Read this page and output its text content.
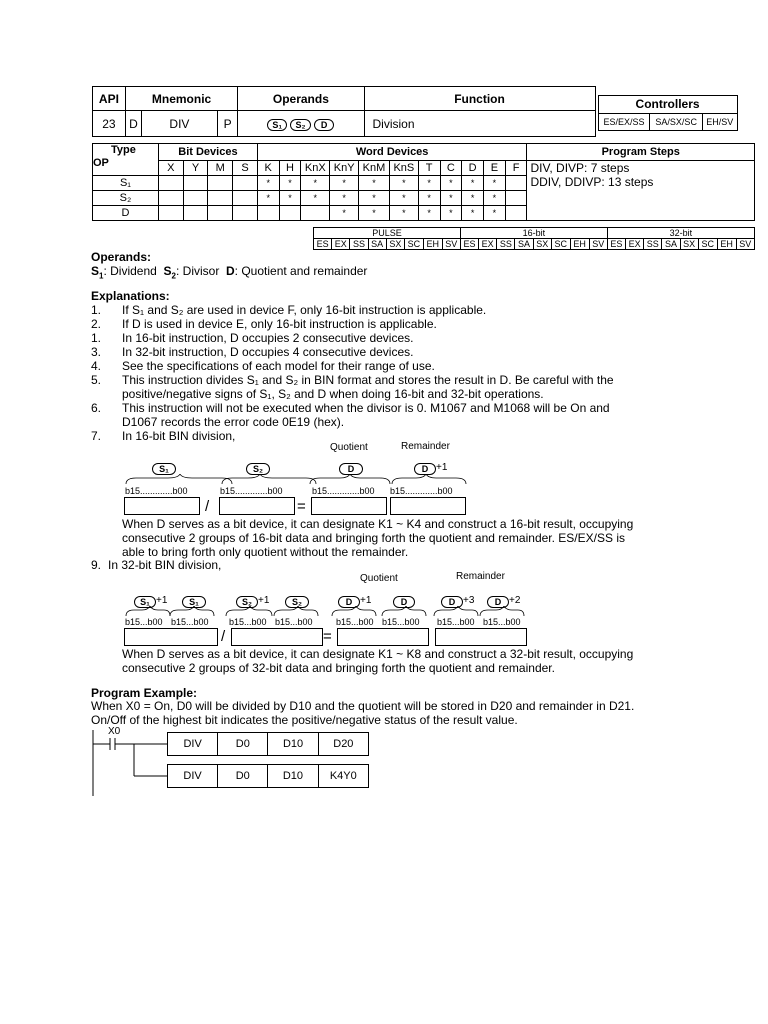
API	Mnemonic	Operands	Function		Controllers
ES/EX/SS	SA/SX/SC	EH/SV

23	D	DIV	P	S₁ S₂ D	Division
Type
OP	Bit Devices				Word Devices											Program Steps
	X	Y	M	S	K	H	KnX	KnY	KnM	KnS	T	C	D	E	F	DIV, DIVP: 7 steps
DDIV, DDIVP: 13 steps

S₁					*	*	*	*	*	*	*	*	*	*		
S₂					*	*	*	*	*	*	*	*	*	*		
D								*	*	*	*	*	*	*		
PULSE								16-bit								32-bit							
ES	EX	SS	SA	SX	SC	EH	SV	ES	EX	SS	SA	SX	SC	EH	SV	ES	EX	SS	SA	SX	SC	EH	SV
Operands:
$S_1$: Dividend $S_2$: Divisor D: Quotient and remainder
Explanations:
1. If S₁ and S₂ are used in device F, only 16-bit instruction is applicable.
2. If D is used in device E, only 16-bit instruction is applicable.
1. In 16-bit instruction, D occupies 2 consecutive devices.
3. In 32-bit instruction, D occupies 4 consecutive devices.
4. See the specifications of each model for their range of use.
5. This instruction divides S₁ and S₂ in BIN format and stores the result in D. Be careful with the
positive/negative signs of S₁, S₂ and D when doing 16-bit and 32-bit operations.
6. This instruction will not be executed when the divisor is 0. M1067 and M1068 will be On and
D1067 records the error code 0E19 (hex).
7. In 16-bit BIN division,
Quotient	Remainder
S₁	S₂	D	D +1
b15.............b00	b15.............b00	b15.............b00 b15.............b00
/	=
When D serves as a bit device, it can designate K1 ~ K4 and construct a 16-bit result, occupying
consecutive 2 groups of 16-bit data and bringing forth the quotient and remainder. ES/EX/SS is
able to bring forth only quotient without the remainder.
9. In 32-bit BIN division,
Quotient	Remainder
S₁ +1	S₁	S₂ +1	S₂	D +1	D	D +3	D +2
b15...b00 b15...b00 b15...b00 b15...b00	b15...b00 b15...b00 b15...b00 b15...b00
/	=
When D serves as a bit device, it can designate K1 ~ K8 and construct a 32-bit result, occupying
consecutive 2 groups of 32-bit data and bringing forth the quotient and remainder.
Program Example:
When X0 = On, D0 will be divided by D10 and the quotient will be stored in D20 and remainder in D21.
On/Off of the highest bit indicates the positive/negative status of the result value.
X0
DIV	D0	D10	D20
DIV	D0	D10	K4Y0
